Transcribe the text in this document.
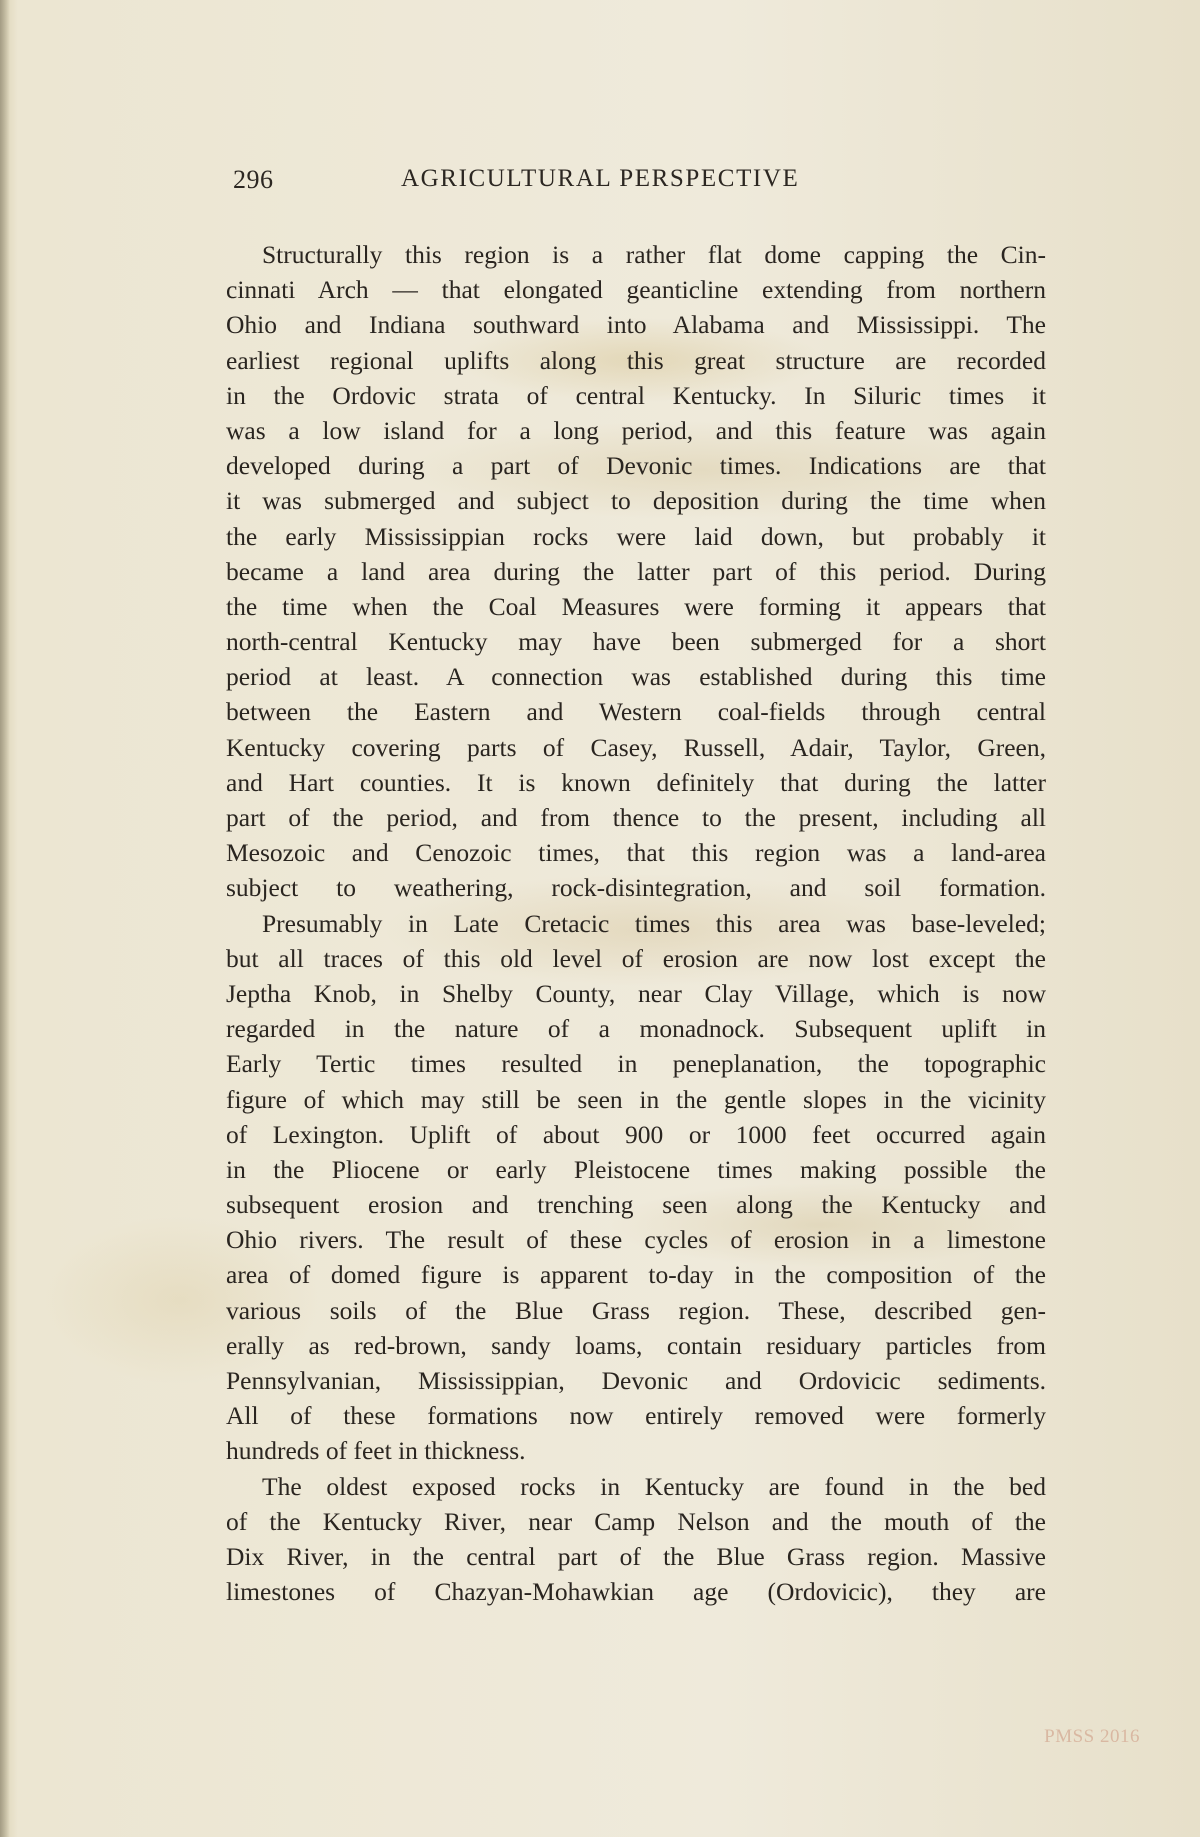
296	AGRICULTURAL PERSPECTIVE
Structurally this region is a rather flat dome capping the Cin-
cinnati Arch — that elongated geanticline extending from northern
Ohio and Indiana southward into Alabama and Mississippi. The
earliest regional uplifts along this great structure are recorded
in the Ordovic strata of central Kentucky. In Siluric times it
was a low island for a long period, and this feature was again
developed during a part of Devonic times. Indications are that
it was submerged and subject to deposition during the time when
the early Mississippian rocks were laid down, but probably it
became a land area during the latter part of this period. During
the time when the Coal Measures were forming it appears that
north-central Kentucky may have been submerged for a short
period at least. A connection was established during this time
between the Eastern and Western coal-fields through central
Kentucky covering parts of Casey, Russell, Adair, Taylor, Green,
and Hart counties. It is known definitely that during the latter
part of the period, and from thence to the present, including all
Mesozoic and Cenozoic times, that this region was a land-area
subject to weathering, rock-disintegration, and soil formation.
Presumably in Late Cretacic times this area was base-leveled;
but all traces of this old level of erosion are now lost except the
Jeptha Knob, in Shelby County, near Clay Village, which is now
regarded in the nature of a monadnock. Subsequent uplift in
Early Tertic times resulted in peneplanation, the topographic
figure of which may still be seen in the gentle slopes in the vicinity
of Lexington. Uplift of about 900 or 1000 feet occurred again
in the Pliocene or early Pleistocene times making possible the
subsequent erosion and trenching seen along the Kentucky and
Ohio rivers. The result of these cycles of erosion in a limestone
area of domed figure is apparent to-day in the composition of the
various soils of the Blue Grass region. These, described gen-
erally as red-brown, sandy loams, contain residuary particles from
Pennsylvanian, Mississippian, Devonic and Ordovicic sediments.
All of these formations now entirely removed were formerly
hundreds of feet in thickness.
The oldest exposed rocks in Kentucky are found in the bed
of the Kentucky River, near Camp Nelson and the mouth of the
Dix River, in the central part of the Blue Grass region. Massive
limestones of Chazyan-Mohawkian age (Ordovicic), they are
PMSS 2016
